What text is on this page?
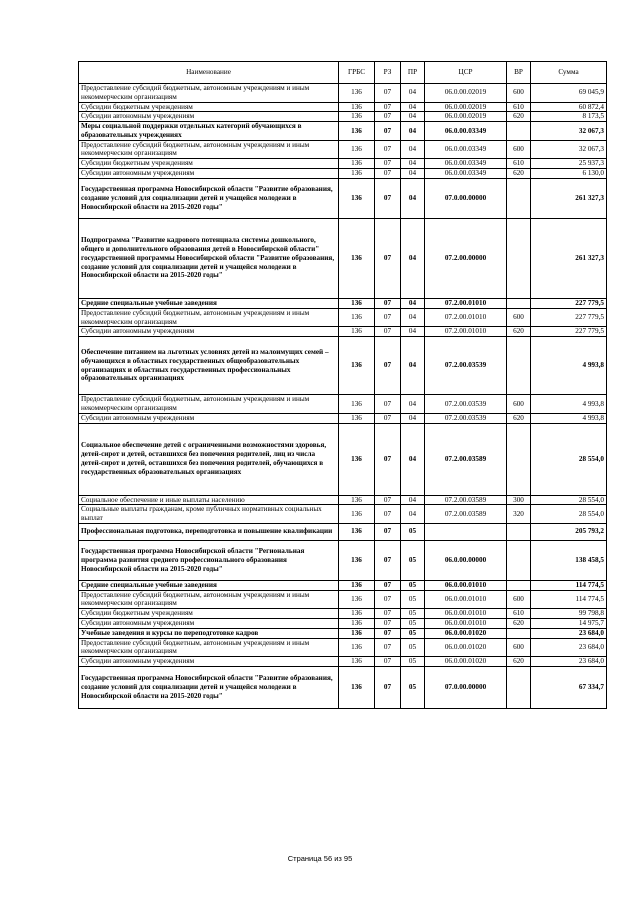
Наименование	ГРБС	РЗ	ПР	ЦСР	ВР	Сумма
Предоставление субсидий бюджетным, автономным учреждениям и иным некоммерческим организациям	136	07	04	06.0.00.02019	600	69 045,9
Субсидии бюджетным учреждениям	136	07	04	06.0.00.02019	610	60 872,4
Субсидии автономным учреждениям	136	07	04	06.0.00.02019	620	8 173,5
Меры социальной поддержки отдельных категорий обучающихся в образовательных учреждениях	136	07	04	06.0.00.03349		32 067,3
Предоставление субсидий бюджетным, автономным учреждениям и иным некоммерческим организациям	136	07	04	06.0.00.03349	600	32 067,3
Субсидии бюджетным учреждениям	136	07	04	06.0.00.03349	610	25 937,3
Субсидии автономным учреждениям	136	07	04	06.0.00.03349	620	6 130,0
Государственная программа Новосибирской области "Развитие образования, создание условий для социализации детей и учащейся молодежи в Новосибирской области на 2015-2020 годы"	136	07	04	07.0.00.00000		261 327,3
Подпрограмма "Развитие кадрового потенциала системы дошкольного, общего и дополнительного образования детей в Новосибирской области" государственной программы Новосибирской области "Развитие образования, создание условий для социализации детей и учащейся молодежи в Новосибирской области на 2015-2020 годы"	136	07	04	07.2.00.00000		261 327,3
Средние специальные учебные заведения	136	07	04	07.2.00.01010		227 779,5
Предоставление субсидий бюджетным, автономным учреждениям и иным некоммерческим организациям	136	07	04	07.2.00.01010	600	227 779,5
Субсидии автономным учреждениям	136	07	04	07.2.00.01010	620	227 779,5
Обеспечение питанием на льготных условиях детей из малоимущих семей – обучающихся в областных государственных общеобразовательных организациях и областных государственных профессиональных образовательных организациях	136	07	04	07.2.00.03539		4 993,8
Предоставление субсидий бюджетным, автономным учреждениям и иным некоммерческим организациям	136	07	04	07.2.00.03539	600	4 993,8
Субсидии автономным учреждениям	136	07	04	07.2.00.03539	620	4 993,8
Социальное обеспечение детей с ограниченными возможностями здоровья, детей-сирот и детей, оставшихся без попечения родителей, лиц из числа детей-сирот и детей, оставшихся без попечения родителей, обучающихся в государственных образовательных организациях	136	07	04	07.2.00.03589		28 554,0
Социальное обеспечение и иные выплаты населению	136	07	04	07.2.00.03589	300	28 554,0
Социальные выплаты гражданам, кроме публичных нормативных социальных выплат	136	07	04	07.2.00.03589	320	28 554,0
Профессиональная подготовка, переподготовка и повышение квалификации	136	07	05			205 793,2
Государственная программа Новосибирской области "Региональная программа развития среднего профессионального образования Новосибирской области на 2015-2020 годы"	136	07	05	06.0.00.00000		138 458,5
Средние специальные учебные заведения	136	07	05	06.0.00.01010		114 774,5
Предоставление субсидий бюджетным, автономным учреждениям и иным некоммерческим организациям	136	07	05	06.0.00.01010	600	114 774,5
Субсидии бюджетным учреждениям	136	07	05	06.0.00.01010	610	99 798,8
Субсидии автономным учреждениям	136	07	05	06.0.00.01010	620	14 975,7
Учебные заведения и курсы по переподготовке кадров	136	07	05	06.0.00.01020		23 684,0
Предоставление субсидий бюджетным, автономным учреждениям и иным некоммерческим организациям	136	07	05	06.0.00.01020	600	23 684,0
Субсидии автономным учреждениям	136	07	05	06.0.00.01020	620	23 684,0
Государственная программа Новосибирской области "Развитие образования, создание условий для социализации детей и учащейся молодежи в Новосибирской области на 2015-2020 годы"	136	07	05	07.0.00.00000		67 334,7
Страница 56 из 95
